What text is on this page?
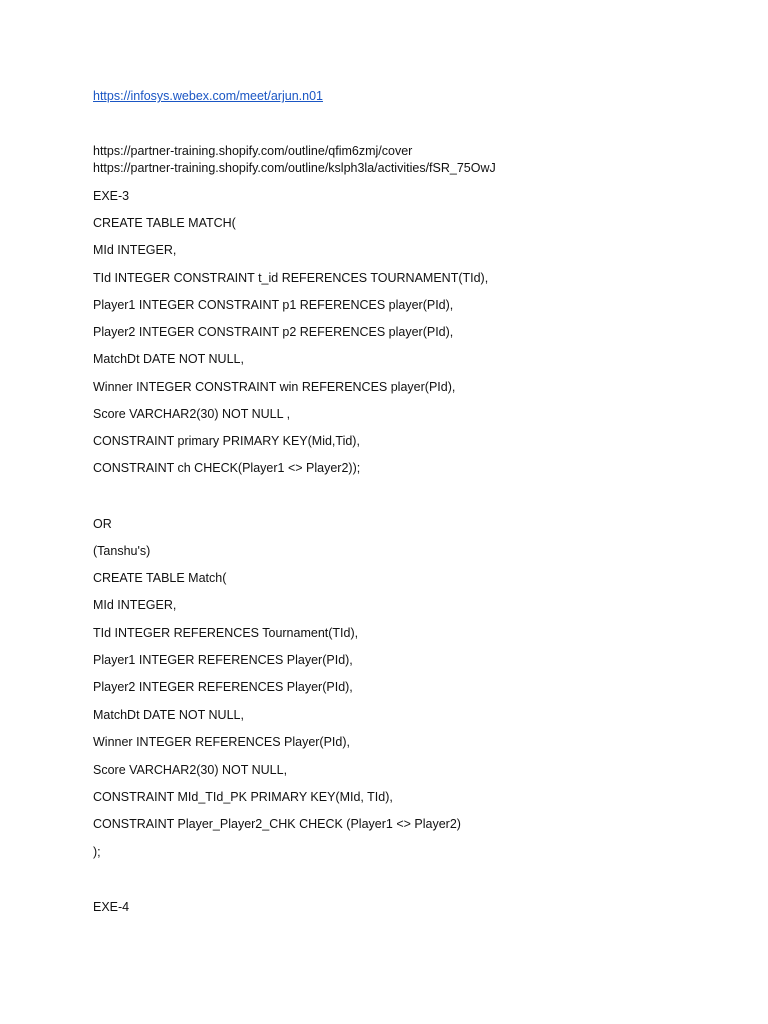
https://infosys.webex.com/meet/arjun.n01
https://partner-training.shopify.com/outline/qfim6zmj/cover
https://partner-training.shopify.com/outline/kslph3la/activities/fSR_75OwJ
EXE-3
CREATE TABLE MATCH(
MId INTEGER,
TId INTEGER CONSTRAINT t_id REFERENCES TOURNAMENT(TId),
Player1 INTEGER CONSTRAINT p1 REFERENCES player(PId),
Player2 INTEGER CONSTRAINT p2 REFERENCES player(PId),
MatchDt DATE NOT NULL,
Winner INTEGER CONSTRAINT win REFERENCES player(PId),
Score VARCHAR2(30) NOT NULL ,
CONSTRAINT primary PRIMARY KEY(Mid,Tid),
CONSTRAINT ch CHECK(Player1 <> Player2));
OR
(Tanshu's)
CREATE TABLE Match(
MId INTEGER,
TId INTEGER REFERENCES Tournament(TId),
Player1 INTEGER REFERENCES Player(PId),
Player2 INTEGER REFERENCES Player(PId),
MatchDt DATE NOT NULL,
Winner INTEGER REFERENCES Player(PId),
Score VARCHAR2(30) NOT NULL,
CONSTRAINT MId_TId_PK PRIMARY KEY(MId, TId),
CONSTRAINT Player_Player2_CHK CHECK (Player1 <> Player2)
);
EXE-4
